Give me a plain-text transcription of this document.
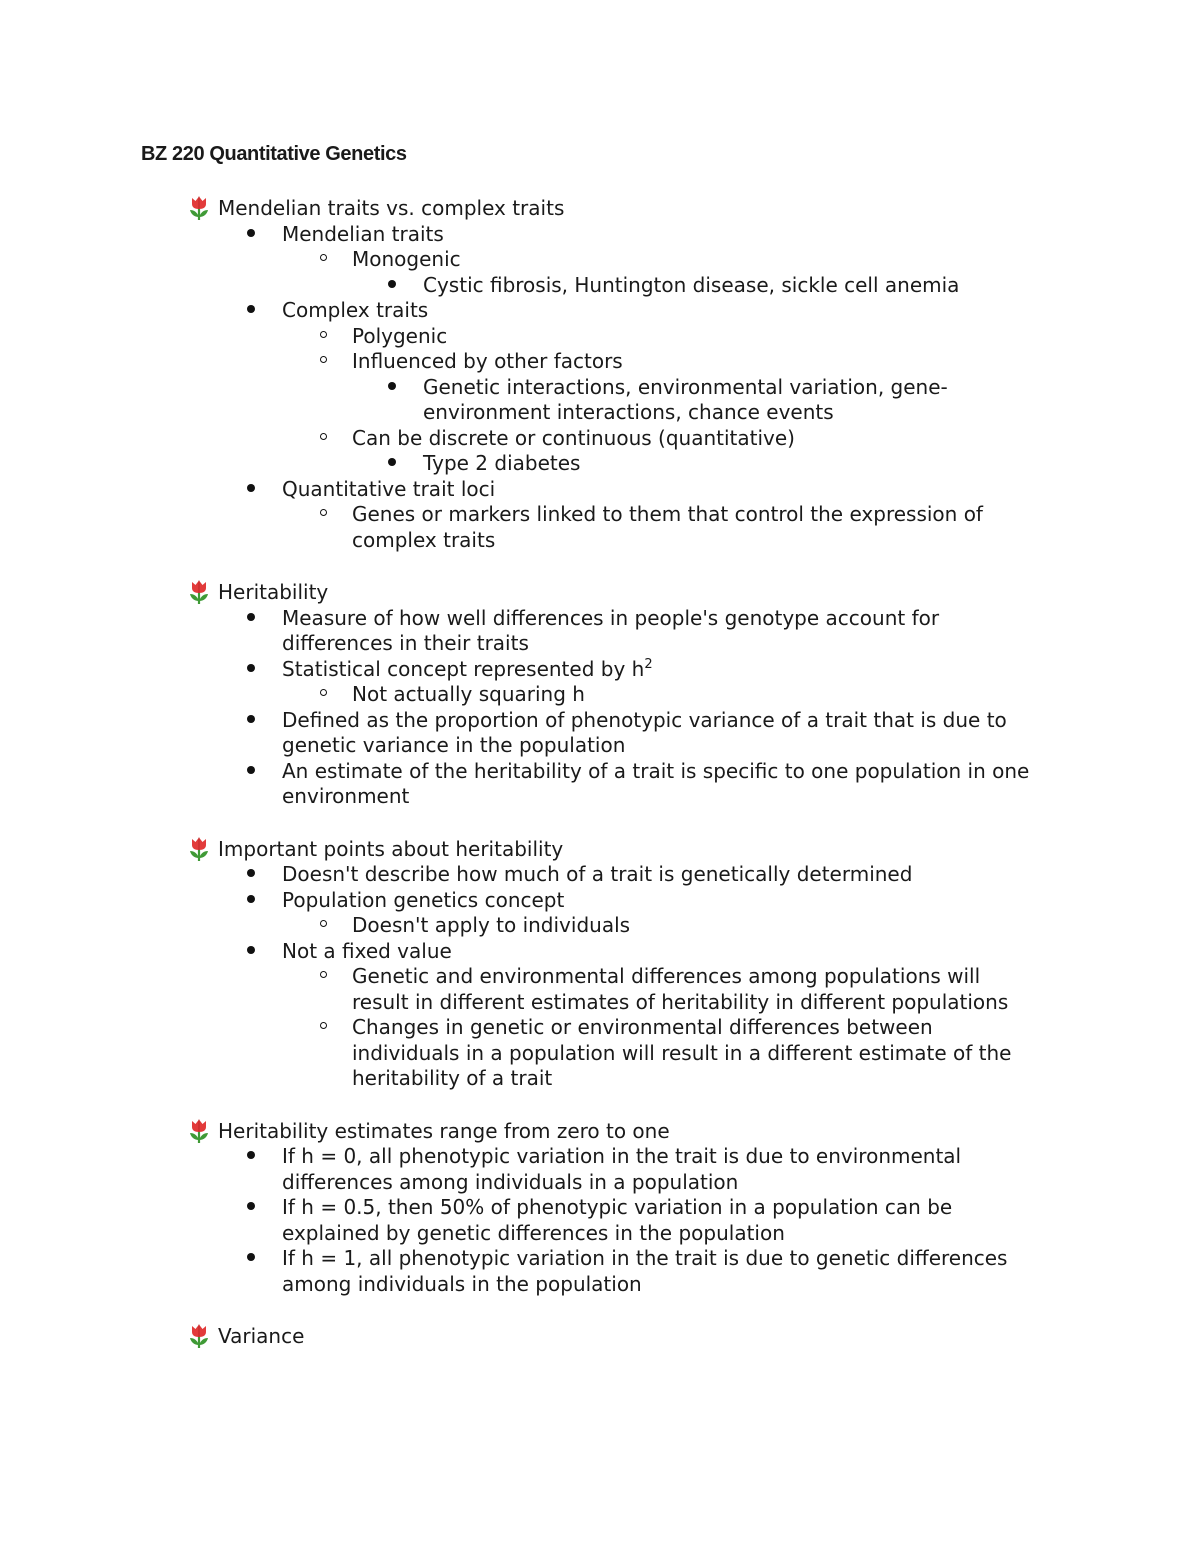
BZ 220 Quantitative Genetics
Mendelian traits vs. complex traits
Mendelian traits
Monogenic
Cystic fibrosis, Huntington disease, sickle cell anemia
Complex traits
Polygenic
Influenced by other factors
Genetic interactions, environmental variation, gene-environment interactions, chance events
Can be discrete or continuous (quantitative)
Type 2 diabetes
Quantitative trait loci
Genes or markers linked to them that control the expression of complex traits
Heritability
Measure of how well differences in people's genotype account for differences in their traits
Statistical concept represented by $h^2$
Not actually squaring h
Defined as the proportion of phenotypic variance of a trait that is due to genetic variance in the population
An estimate of the heritability of a trait is specific to one population in one environment
Important points about heritability
Doesn't describe how much of a trait is genetically determined
Population genetics concept
Doesn't apply to individuals
Not a fixed value
Genetic and environmental differences among populations will result in different estimates of heritability in different populations
Changes in genetic or environmental differences between individuals in a population will result in a different estimate of the heritability of a trait
Heritability estimates range from zero to one
If h = 0, all phenotypic variation in the trait is due to environmental differences among individuals in a population
If h = 0.5, then 50% of phenotypic variation in a population can be explained by genetic differences in the population
If h = 1, all phenotypic variation in the trait is due to genetic differences among individuals in the population
Variance
